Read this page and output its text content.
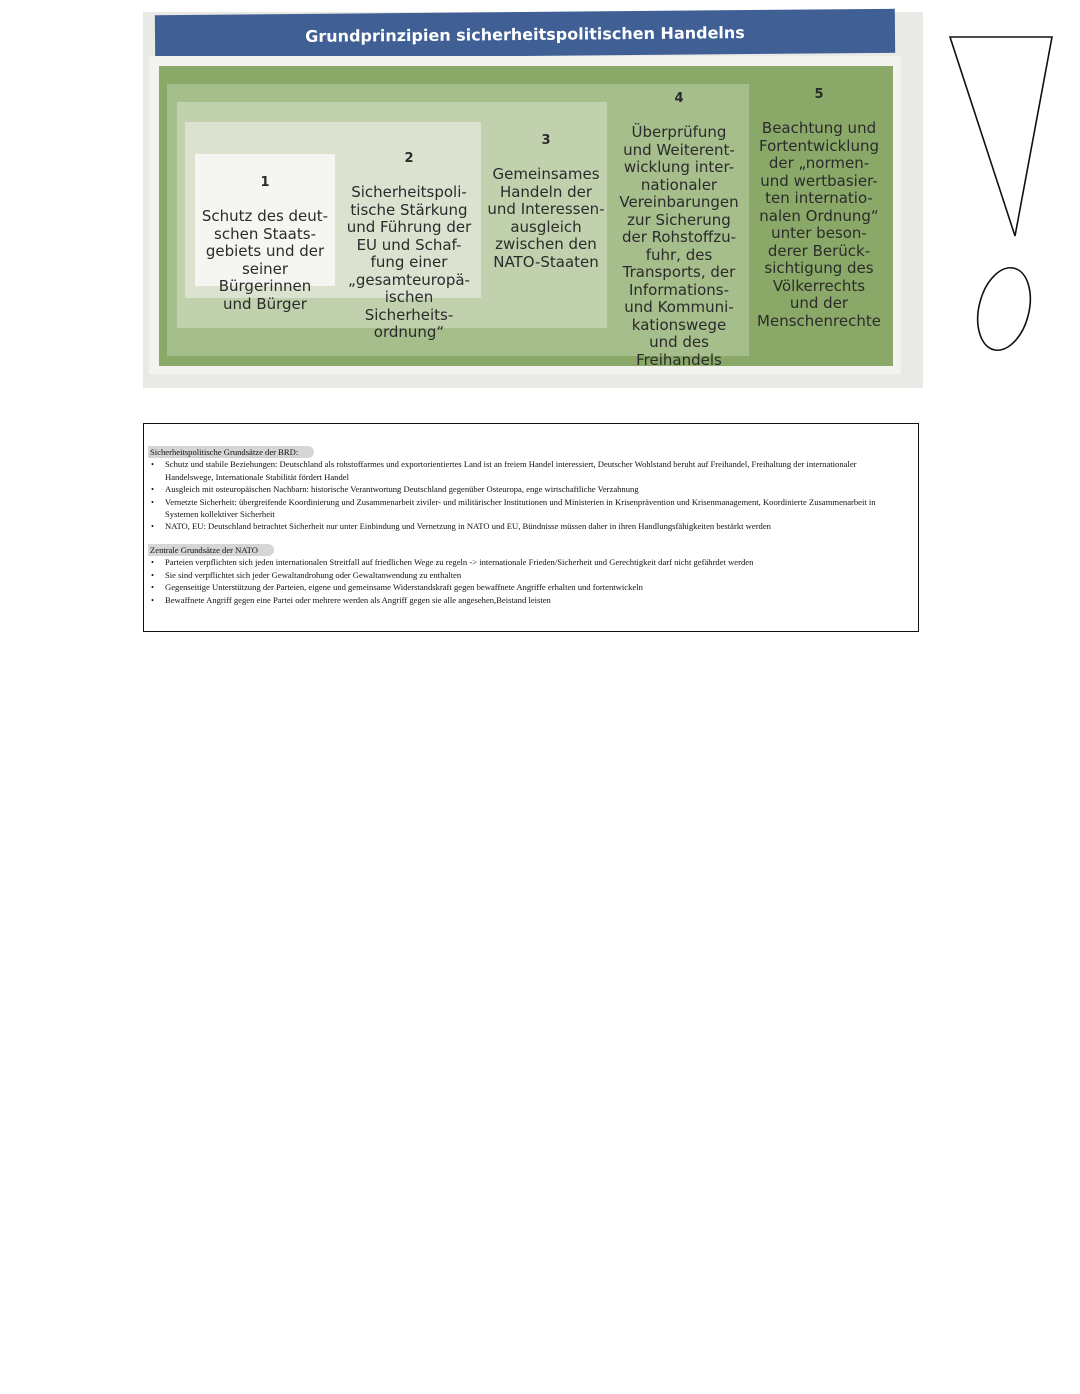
Grundprinzipien sicherheitspolitischen Handelns

1

Schutz des deut-
schen Staats-
gebiets und der
seiner
Bürgerinnen
und Bürger

2

Sicherheitspoli-
tische Stärkung
und Führung der
EU und Schaf-
fung einer
„gesamteuropä-
ischen
Sicherheits-
ordnung“

3

Gemeinsames
Handeln der
und Interessen-
ausgleich
zwischen den
NATO-Staaten

4

Überprüfung
und Weiterent-
wicklung inter-
nationaler
Vereinbarungen
zur Sicherung
der Rohstoffzu-
fuhr, des
Transports, der
Informations-
und Kommuni-
kationswege
und des
Freihandels

5

Beachtung und
Fortentwicklung
der „normen-
und wertbasier-
ten internatio-
nalen Ordnung“
unter beson-
derer Berück-
sichtigung des
Völkerrechts
und der
Menschenrechte

Sicherheitspolitische Grundsätze der BRD:
• Schutz und stabile Beziehungen: Deutschland als rohstoffarmes und exportorientiertes Land ist an freiem Handel interessiert, Deutscher Wohlstand beruht auf Freihandel, Freihaltung der internationaler Handelswege, Internationale Stabilität fördert Handel
• Ausgleich mit osteuropäischen Nachbarn: historische Verantwortung Deutschland gegenüber Osteuropa, enge wirtschaftliche Verzahnung
• Vernetzte Sicherheit: übergreifende Koordinierung und Zusammenarbeit ziviler- und militärischer Institutionen und Ministerien in Krisenprävention und Krisenmanagement, Koordinierte Zusammenarbeit in Systemen kollektiver Sicherheit
• NATO, EU: Deutschland betrachtet Sicherheit nur unter Einbindung und Vernetzung in NATO und EU, Bündnisse müssen daher in ihren Handlungsfähigkeiten bestärkt werden
Zentrale Grundsätze der NATO
• Parteien verpflichten sich jeden internationalen Streitfall auf friedlichen Wege zu regeln -> internationale Frieden/Sicherheit und Gerechtigkeit darf nicht gefährdet werden
• Sie sind verpflichtet sich jeder Gewaltandrohung oder Gewaltanwendung zu enthalten
• Gegenseitige Unterstützung der Parteien, eigene und gemeinsame Widerstandskraft gegen bewaffnete Angriffe erhalten und fortentwickeln
• Bewaffnete Angriff gegen eine Partei oder mehrere werden als Angriff gegen sie alle angesehen,Beistand leisten
